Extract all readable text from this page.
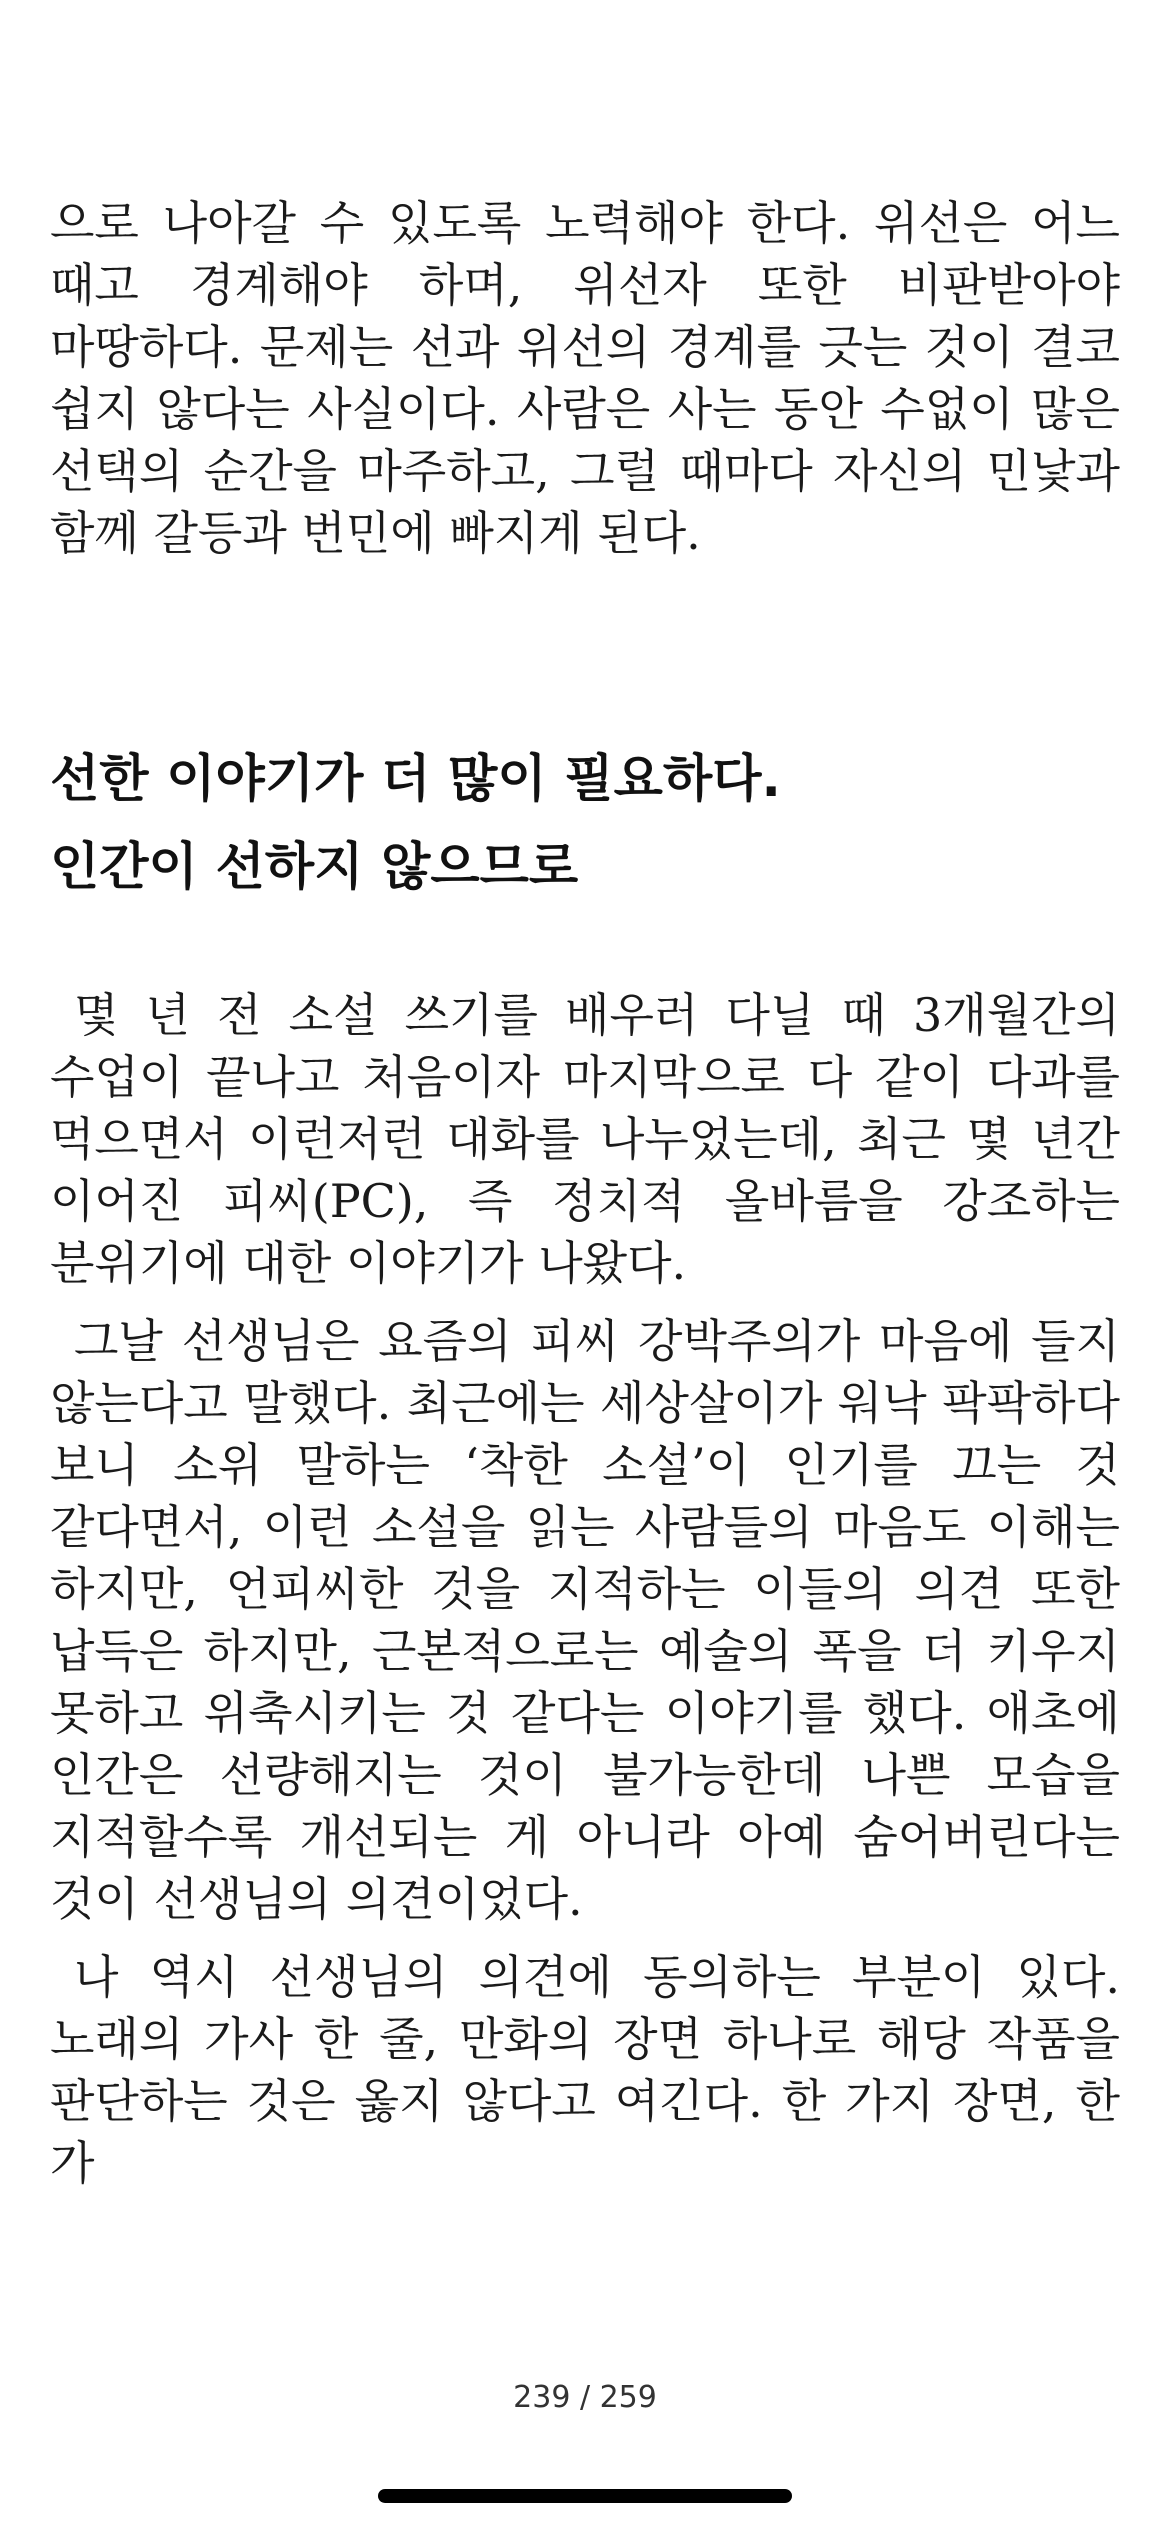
으로 나아갈 수 있도록 노력해야 한다. 위선은 어느 때고 경계해야 하며, 위선자 또한 비판받아야 마땅하다. 문제는 선과 위선의 경계를 긋는 것이 결코 쉽지 않다는 사실이다. 사람은 사는 동안 수없이 많은 선택의 순간을 마주하고, 그럴 때마다 자신의 민낯과 함께 갈등과 번민에 빠지게 된다.

선한 이야기가 더 많이 필요하다.

인간이 선하지 않으므로

몇 년 전 소설 쓰기를 배우러 다닐 때 3개월간의 수업이 끝나고 처음이자 마지막으로 다 같이 다과를 먹으면서 이런저런 대화를 나누었는데, 최근 몇 년간 이어진 피씨(PC), 즉 정치적 올바름을 강조하는 분위기에 대한 이야기가 나왔다.

그날 선생님은 요즘의 피씨 강박주의가 마음에 들지 않는다고 말했다. 최근에는 세상살이가 워낙 팍팍하다 보니 소위 말하는 ‘착한 소설’이 인기를 끄는 것 같다면서, 이런 소설을 읽는 사람들의 마음도 이해는 하지만, 언피씨한 것을 지적하는 이들의 의견 또한 납득은 하지만, 근본적으로는 예술의 폭을 더 키우지 못하고 위축시키는 것 같다는 이야기를 했다. 애초에 인간은 선량해지는 것이 불가능한데 나쁜 모습을 지적할수록 개선되는 게 아니라 아예 숨어버린다는 것이 선생님의 의견이었다.

나 역시 선생님의 의견에 동의하는 부분이 있다. 노래의 가사 한 줄, 만화의 장면 하나로 해당 작품을 판단하는 것은 옳지 않다고 여긴다. 한 가지 장면, 한 가

239 / 259
